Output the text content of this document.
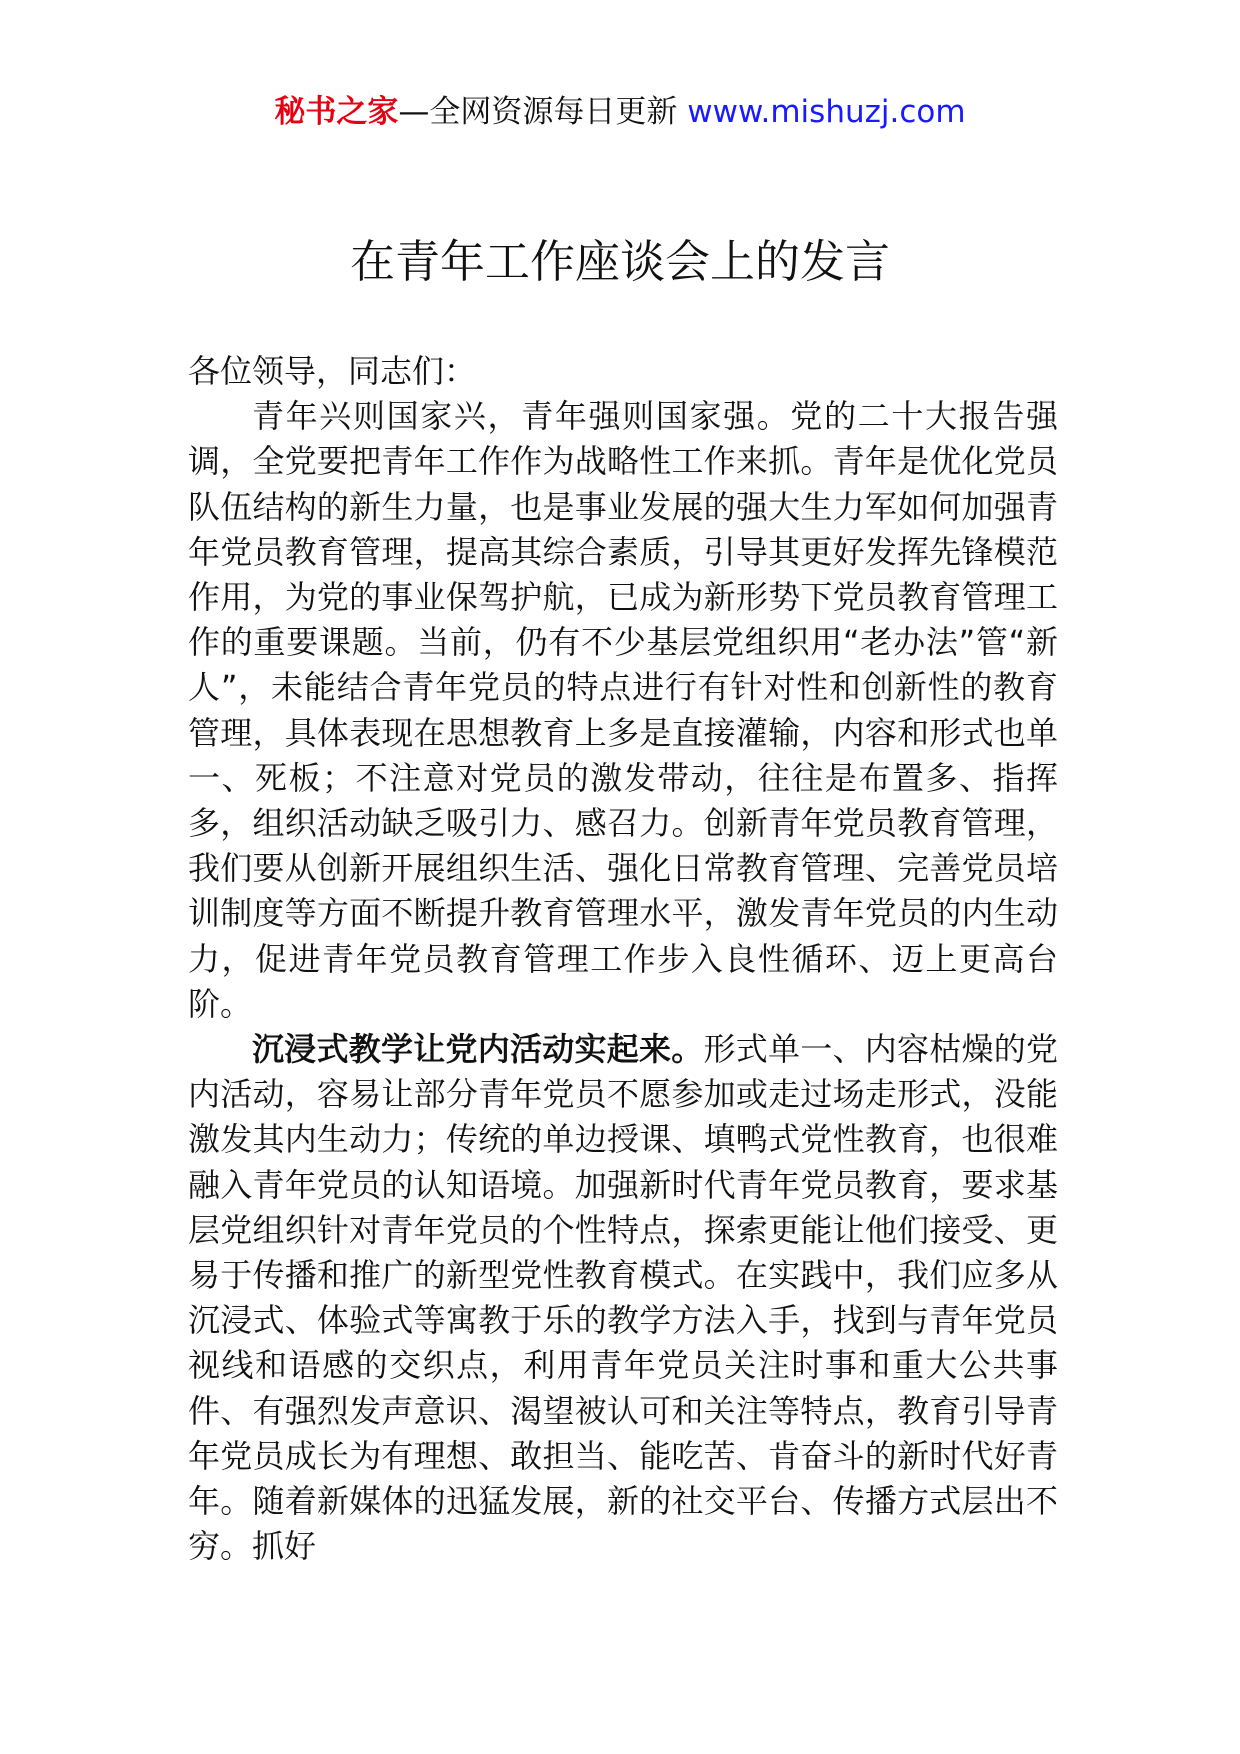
秘书之家—全网资源每日更新 www.mishuzj.com
在青年工作座谈会上的发言

各位领导，同志们：

青年兴则国家兴，青年强则国家强。党的二十大报告强调，全党要把青年工作作为战略性工作来抓。青年是优化党员队伍结构的新生力量，也是事业发展的强大生力军如何加强青年党员教育管理，提高其综合素质，引导其更好发挥先锋模范作用，为党的事业保驾护航，已成为新形势下党员教育管理工作的重要课题。当前，仍有不少基层党组织用“老办法”管“新人”，未能结合青年党员的特点进行有针对性和创新性的教育管理，具体表现在思想教育上多是直接灌输，内容和形式也单一、死板；不注意对党员的激发带动，往往是布置多、指挥多，组织活动缺乏吸引力、感召力。创新青年党员教育管理，我们要从创新开展组织生活、强化日常教育管理、完善党员培训制度等方面不断提升教育管理水平，激发青年党员的内生动力，促进青年党员教育管理工作步入良性循环、迈上更高台阶。

沉浸式教学让党内活动实起来。形式单一、内容枯燥的党内活动，容易让部分青年党员不愿参加或走过场走形式，没能激发其内生动力；传统的单边授课、填鸭式党性教育，也很难融入青年党员的认知语境。加强新时代青年党员教育，要求基层党组织针对青年党员的个性特点，探索更能让他们接受、更易于传播和推广的新型党性教育模式。在实践中，我们应多从沉浸式、体验式等寓教于乐的教学方法入手，找到与青年党员视线和语感的交织点，利用青年党员关注时事和重大公共事件、有强烈发声意识、渴望被认可和关注等特点，教育引导青年党员成长为有理想、敢担当、能吃苦、肯奋斗的新时代好青年。随着新媒体的迅猛发展，新的社交平台、传播方式层出不穷。抓好
